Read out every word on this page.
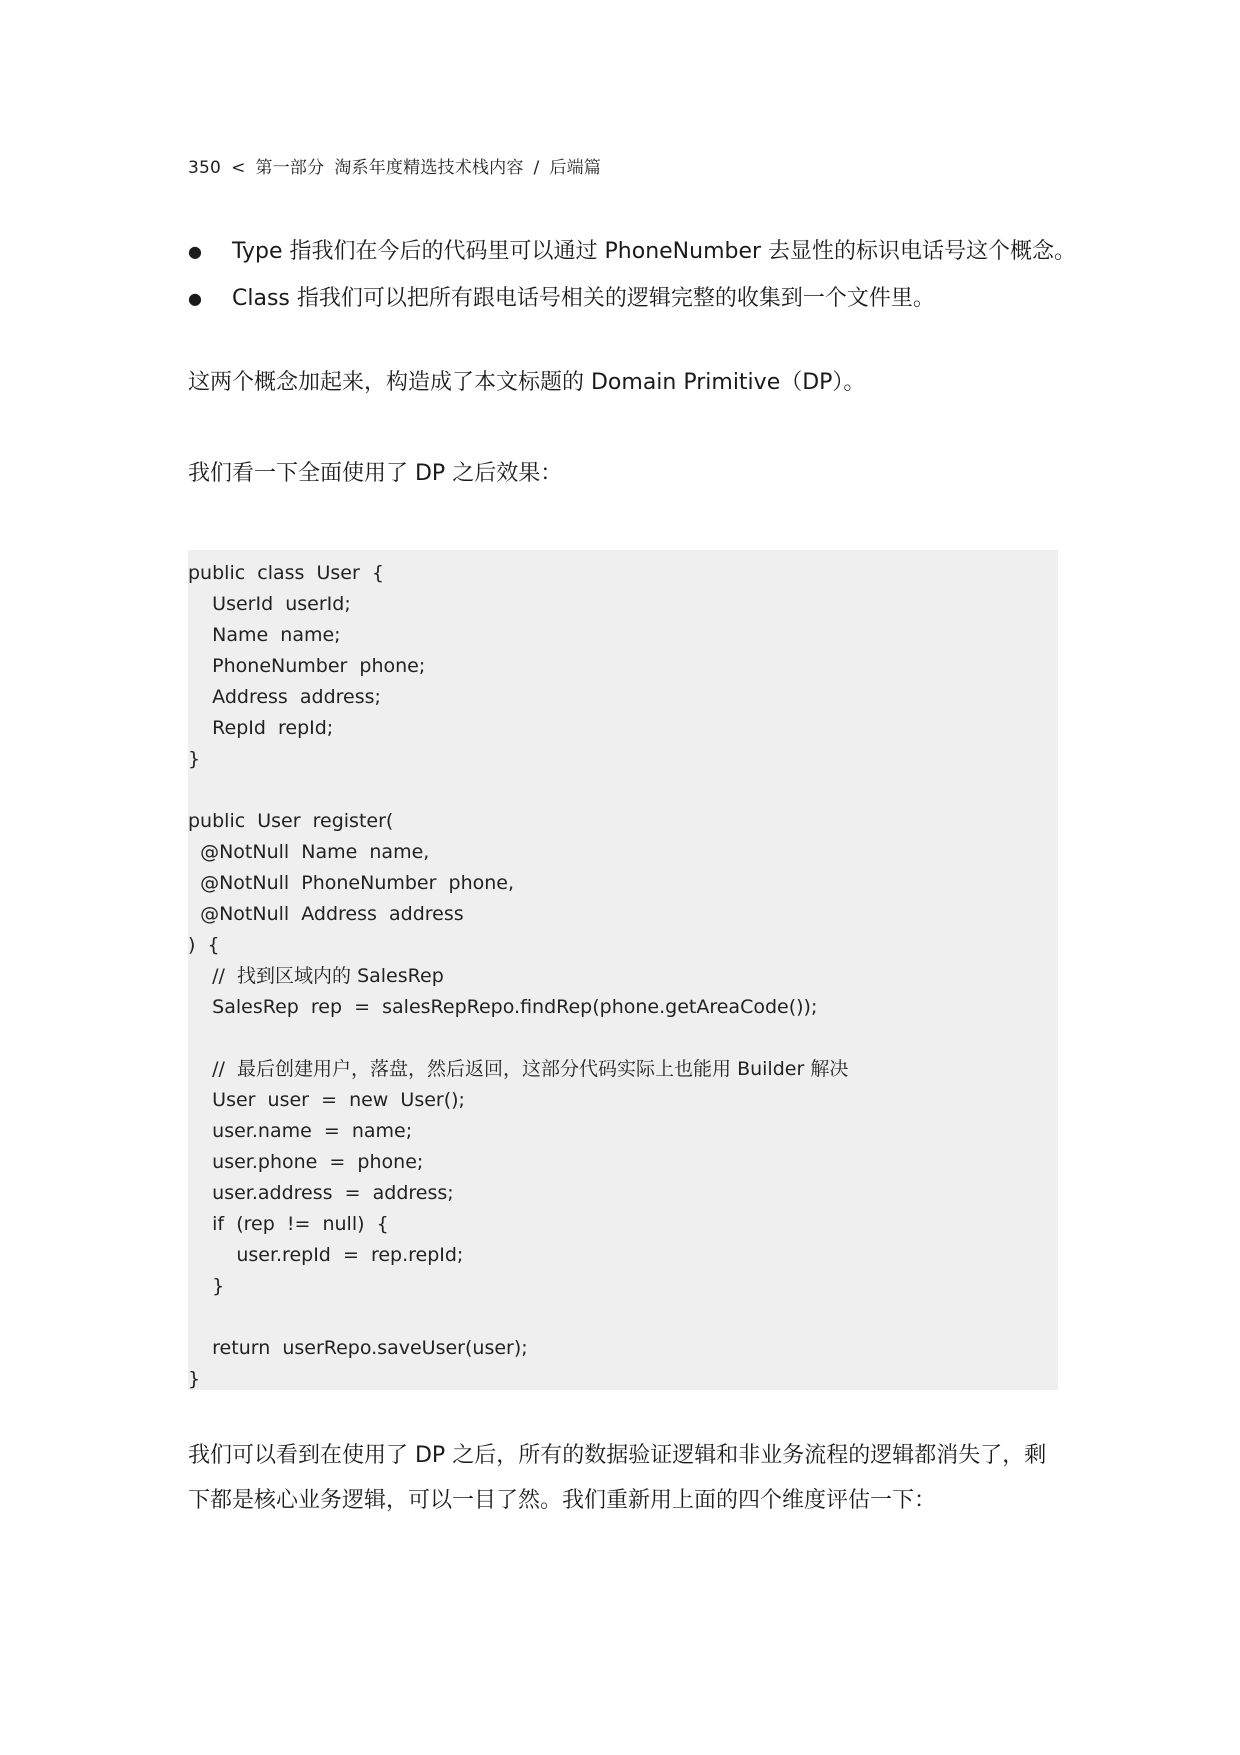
350 < 第一部分 淘系年度精选技术栈内容 / 后端篇
● Type 指我们在今后的代码里可以通过 PhoneNumber 去显性的标识电话号这个概念。
● Class 指我们可以把所有跟电话号相关的逻辑完整的收集到一个文件里。
这两个概念加起来，构造成了本文标题的 Domain Primitive（DP）。
我们看一下全面使用了 DP 之后效果：
public  class  User  {
UserId  userId;
Name  name;
PhoneNumber  phone;
Address  address;
RepId  repId;
}
public  User  register(
@NotNull  Name  name,
@NotNull  PhoneNumber  phone,
@NotNull  Address  address
)  {
//  找到区域内的 SalesRep
SalesRep  rep  =  salesRepRepo.findRep(phone.getAreaCode());
//  最后创建用户，落盘，然后返回，这部分代码实际上也能用 Builder 解决
User  user  =  new  User();
user.name  =  name;
user.phone  =  phone;
user.address  =  address;
if  (rep  !=  null)  {
user.repId  =  rep.repId;
}
return  userRepo.saveUser(user);
}
我们可以看到在使用了 DP 之后，所有的数据验证逻辑和非业务流程的逻辑都消失了，剩
下都是核心业务逻辑，可以一目了然。我们重新用上面的四个维度评估一下：
